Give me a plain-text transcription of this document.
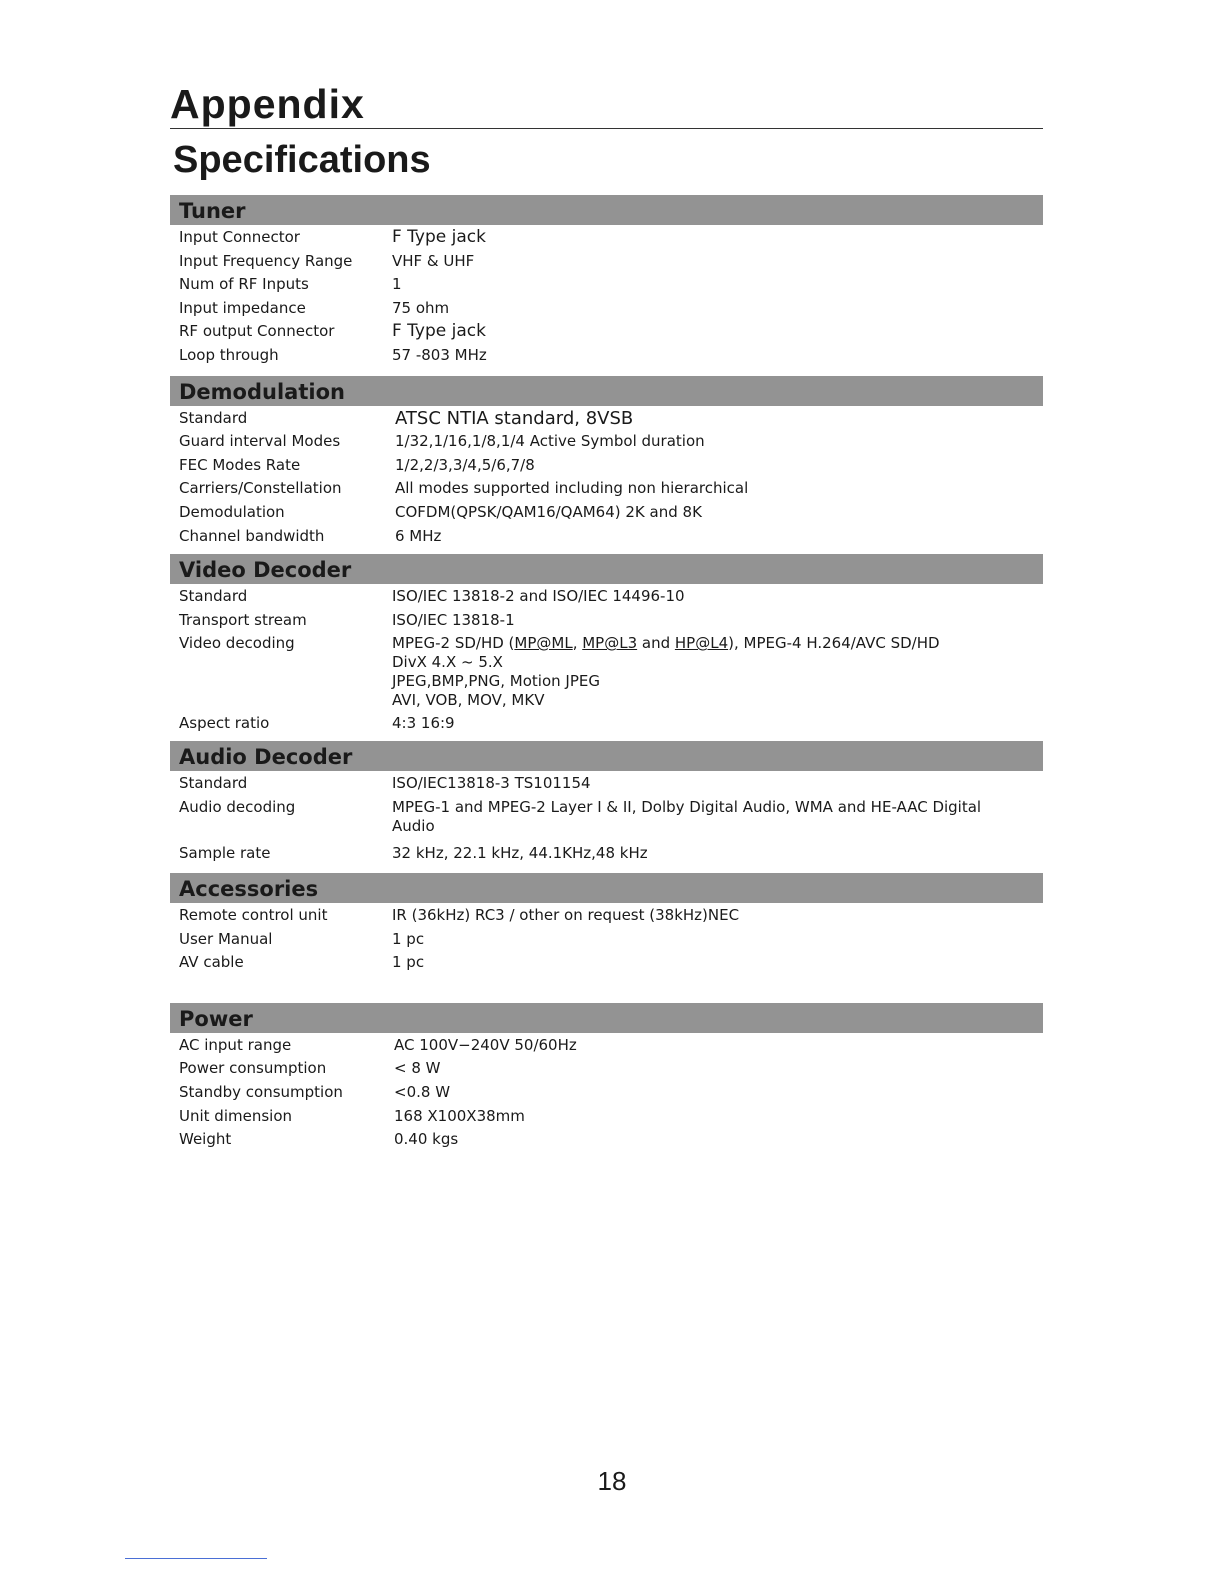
Appendix
Specifications
Tuner
Input Connector	F Type jack
Input Frequency Range	VHF & UHF
Num of RF Inputs	1
Input impedance	75 ohm
RF output Connector	F Type jack
Loop through	57 -803 MHz
Demodulation
Standard	ATSC NTIA standard, 8VSB
Guard interval Modes	1/32,1/16,1/8,1/4 Active Symbol duration
FEC Modes Rate	1/2,2/3,3/4,5/6,7/8
Carriers/Constellation	All modes supported including non hierarchical
Demodulation	COFDM(QPSK/QAM16/QAM64) 2K and 8K
Channel bandwidth	6 MHz
Video Decoder
Standard	ISO/IEC 13818-2 and ISO/IEC 14496-10
Transport stream	ISO/IEC 13818-1
Video decoding	MPEG-2 SD/HD (MP@ML, MP@L3 and HP@L4), MPEG-4 H.264/AVC SD/HD
DivX 4.X ~ 5.X
JPEG,BMP,PNG, Motion JPEG
AVI, VOB, MOV, MKV
Aspect ratio	4:3 16:9
Audio Decoder
Standard	ISO/IEC13818-3 TS101154
Audio decoding	MPEG-1 and MPEG-2 Layer I & II, Dolby Digital Audio, WMA and HE-AAC Digital
Audio
Sample rate	32 kHz, 22.1 kHz, 44.1KHz,48 kHz
Accessories
Remote control unit	IR (36kHz) RC3 / other on request (38kHz)NEC
User Manual	1 pc
AV cable	1 pc
Power
AC input range	AC 100V−240V 50/60Hz
Power consumption	< 8 W
Standby consumption	<0.8 W
Unit dimension	168 X100X38mm
Weight	0.40 kgs
18
